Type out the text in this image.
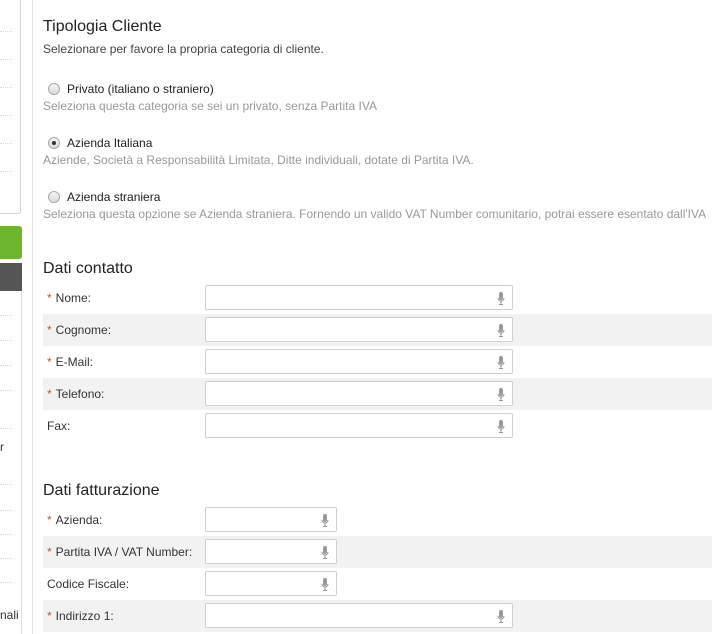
r
nali
Tipologia Cliente
Selezionare per favore la propria categoria di cliente.
Privato (italiano o straniero)
Seleziona questa categoria se sei un privato, senza Partita IVA
Azienda Italiana
Aziende, Società a Responsabilità Limitata, Ditte individuali, dotate di Partita IVA.
Azienda straniera
Seleziona questa opzione se Azienda straniera. Fornendo un valido VAT Number comunitario, potrai essere esentato dall'IVA
Dati contatto
* Nome:
* Cognome:
* E-Mail:
* Telefono:
Fax:
Dati fatturazione
* Azienda:
* Partita IVA / VAT Number:
Codice Fiscale:
* Indirizzo 1:
